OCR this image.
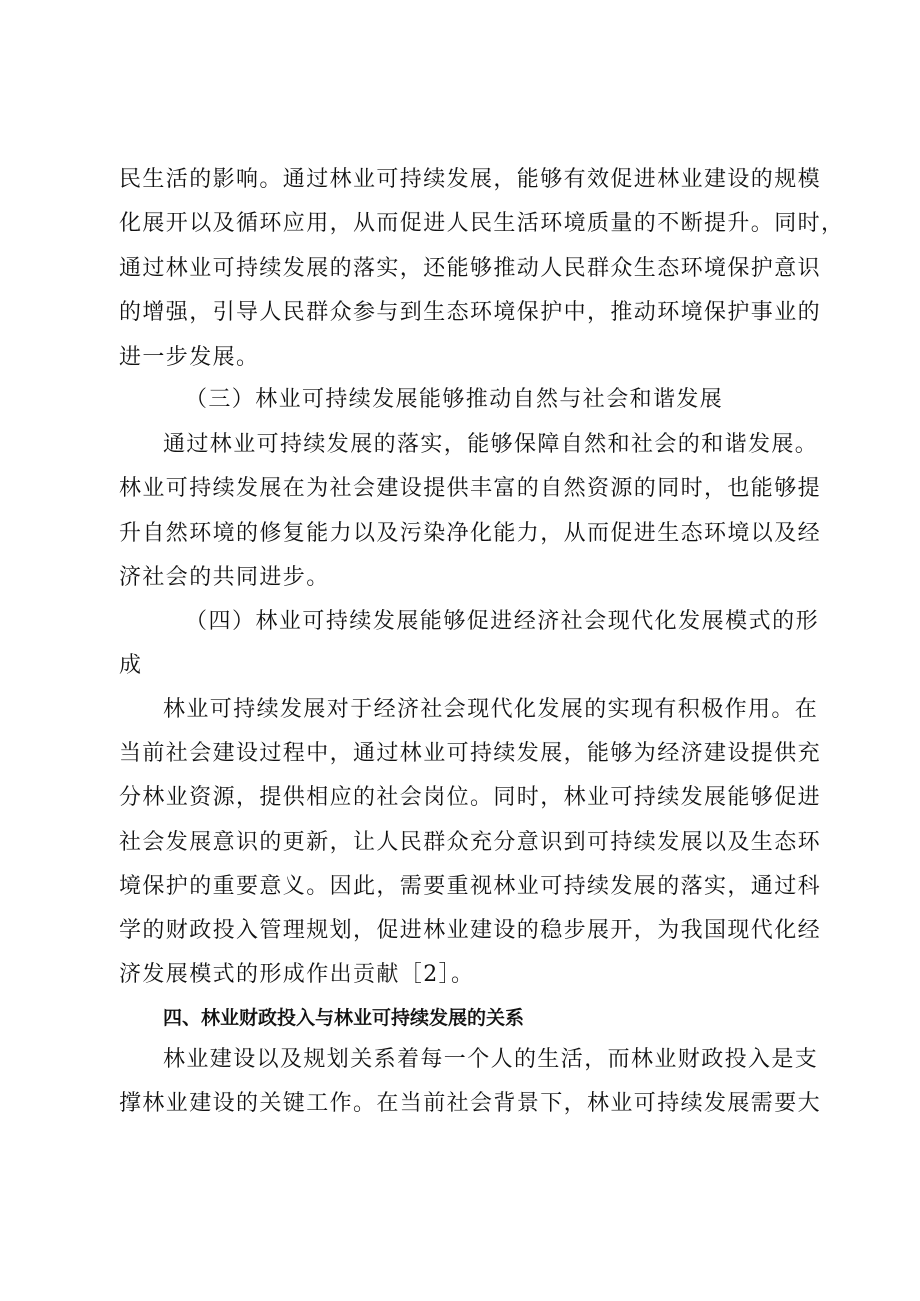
民生活的影响。通过林业可持续发展，能够有效促进林业建设的规模
化展开以及循环应用，从而促进人民生活环境质量的不断提升。同时，
通过林业可持续发展的落实，还能够推动人民群众生态环境保护意识
的增强，引导人民群众参与到生态环境保护中，推动环境保护事业的
进一步发展。
（三）林业可持续发展能够推动自然与社会和谐发展
通过林业可持续发展的落实，能够保障自然和社会的和谐发展。
林业可持续发展在为社会建设提供丰富的自然资源的同时，也能够提
升自然环境的修复能力以及污染净化能力，从而促进生态环境以及经
济社会的共同进步。
（四）林业可持续发展能够促进经济社会现代化发展模式的形
成
林业可持续发展对于经济社会现代化发展的实现有积极作用。在
当前社会建设过程中，通过林业可持续发展，能够为经济建设提供充
分林业资源，提供相应的社会岗位。同时，林业可持续发展能够促进
社会发展意识的更新，让人民群众充分意识到可持续发展以及生态环
境保护的重要意义。因此，需要重视林业可持续发展的落实，通过科
学的财政投入管理规划，促进林业建设的稳步展开，为我国现代化经
济发展模式的形成作出贡献［2］。
四、林业财政投入与林业可持续发展的关系
林业建设以及规划关系着每一个人的生活，而林业财政投入是支
撑林业建设的关键工作。在当前社会背景下，林业可持续发展需要大
